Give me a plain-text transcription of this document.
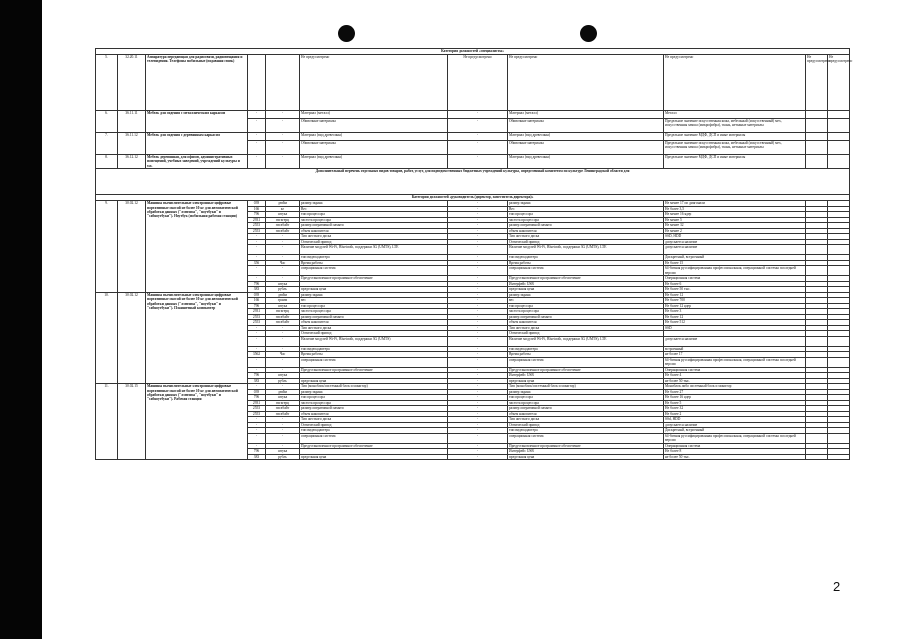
Категория должностей «специалисты»										
5.	32.20.11	Аппаратура передающая для радиосвязи, радиовещания и телевидения. Телефоны мобильные (подавшая связь)			Не предусмотрено	Не предусмотрено	Не предусмотрено	Не предусмотрено	Не предусмотрено	Не предусмотрено
6.	36.11.11	Мебель для сидения с металлическим каркасом	-	-	Материал (металл)	-	Материал (металл)	Металл		
			-	-	Обивочные материалы	-	Обивочные материалы	Предельное значение искусственная кожа, мебельный (искусственный) мех, искусственная замша (микрофибра), ткань, нетканые материалы		
7.	36.11.12	Мебель для сидения с деревянным каркасом	-	-	Материал (вид древесины)	-	Материал (вид древесины)	Предельное значение МДФ, ДСП и иные материалы		
			-	-	Обивочные материалы	-	Обивочные материалы	Предельное значение искусственная кожа, мебельный (искусственный) мех, искусственная замша (микрофибра), ткань, нетканые материалы		
8.	36.12.12	Мебель деревянная, для офисов, административных помещений, учебных заведений, учреждений культуры и т.п.	-	-	Материал (вид древесины)	-	Материал (вид древесины)	Предельное значение МДФ, ДСП и иные материалы		
Дополнительный перечень отдельных видов товаров, работ, услуг, для подведомственных бюджетных учреждений культуры, определенный комитетом по культуре Ленинградской области для										
Категория должностей «руководитель (директор, заместитель директора)»										
9.	30.02.12	Машины вычислительные электронные цифровые портативные массой не более 10 кг для автоматической обработки данных ("лэптопы", "ноутбуки" и "сабноутбуки"). Ноутбук (мобильная рабочая станция)	039	дюйм	размер экрана	-	размер экрана	Не менее 17 по диагонали		
			166	кг	Вес	-	Вес	Не более 3,5		
			796	штука	тип процессора	-	тип процессора	Не менее 16 ядер		
			2931	гигагерц	частота процессора	-	частота процессора	Не менее 5		
			2553	гигабайт	размер оперативной памяти	-	размер оперативной памяти	Не менее 32		
			2553	гигабайт	объем накопителя	-	объем накопителя	Не менее 2		
			-	-	Тип жесткого диска	-	Тип жесткого диска	SSD, HDD		
			-	-	Оптический привод	-	Оптический привод	допускается наличие		
			-	-	Наличие модулей Wi-Fi, Bluetooth, поддержки 3G (UMTS), LTE	-	Наличие модулей Wi-Fi, Bluetooth, поддержки 3G (UMTS), LTE	допускается наличие		
			-	-	тип видеоадаптера	-	тип видеоадаптера	Дискретный, встроенный		
			356	Час	Время работы	-	Время работы	Не более 15		
			-	-	операционная система	-	операционная система	64-битная руссифицированная профессиональная, операционной системы последней версии		
			-	-	Предустановленное программное обеспечение	-	Предустановленное программное обеспечение	Операционная система		
			796	штука		-	Интерфейс USB	Не более 6		
			383	рубль	предельная цена	-	предельная цена	Не более 50 тыс.		
10.	30.02.12	Машины вычислительные электронные цифровые портативные массой не более 10 кг для автоматической обработки данных ("лэптопы", "ноутбуки" и "сабноутбуки"). Планшетный компьютер	039	дюйм	размер экрана	-	размер экрана	Не более 12		
			166	грамм	вес	-	вес	Не более 700		
			796	штука	тип процессора	-	тип процессора	Не более 12 ядер		
			2931	гигагерц	частота процессора	-	частота процессора	Не более 3		
			2553	гигабайт	размер оперативной памяти	-	размер оперативной памяти	Не более 12		
			2553	гигабайт	объем накопителя	-	объем накопителя	Не более 512		
			-	-	Тип жесткого диска	-	Тип жесткого диска	SSD		
			-	-	Оптический привод	-	Оптический привод			
			-	-	Наличие модулей Wi-Fi, Bluetooth, поддержки 3G (UMTS)	-	Наличие модулей Wi-Fi, Bluetooth, поддержки 3G (UMTS), LTE	допускается наличие		
			-	-	тип видеоадаптера	-	тип видеоадаптера	встроенный		
			3562	Час	Время работы	-	Время работы	не более 17		
			-	-	операционная система	-	операционная система	64-битная руссифицированная профессиональная, операционной системы последней версии		
			-	-	Предустановленное программное обеспечение	-	Предустановленное программное обеспечение	Операционная система		
			796	штука		-	Интерфейс USB	Не более 4		
			383	рубль	предельная цена	-	предельная цена	не более 50 тыс.		
11.	30.02.15	Машины вычислительные электронные цифровые портативные массой не более 10 кг для автоматической обработки данных ("лэптопы", "ноутбуки" и "сабноутбуки"). Рабочая станция	-	-	Тип (моноблок/системный блок и монитор)	-	Тип (моноблок/системный блок и монитор)	Моноблок либо системный блок и монитор		
			039	дюйм	размер экрана	-	размер экрана	Не более 27		
			796	штука	тип процессора	-	тип процессора	Не более 16 ядер		
			2931	гигагерц	частота процессора	-	частота процессора	Не более 5		
			2553	гигабайт	размер оперативной памяти	-	размер оперативной памяти	Не более 32		
			2553	гигабайт	объем накопителя	-	объем накопителя	Не более 2		
			-	-	Тип жесткого диска	-	Тип жесткого диска	SSd, HDD		
			-	-	Оптический привод	-	Оптический привод	допускается наличие		
			-	-	тип видеоадаптера	-	тип видеоадаптера	Дискретный, встроенный		
			-	-	операционная система	-	операционная система	64-битная руссифицированная профессиональная, операционной системы последней версии		
			-	-	Предустановленное программное обеспечение	-	Предустановленное программное обеспечение	Операционная система		
			796	штука		-	Интерфейс USB	Не более 8		
			383	рубль	предельная цена	-	предельная цена	не более 50 тыс.		
2
